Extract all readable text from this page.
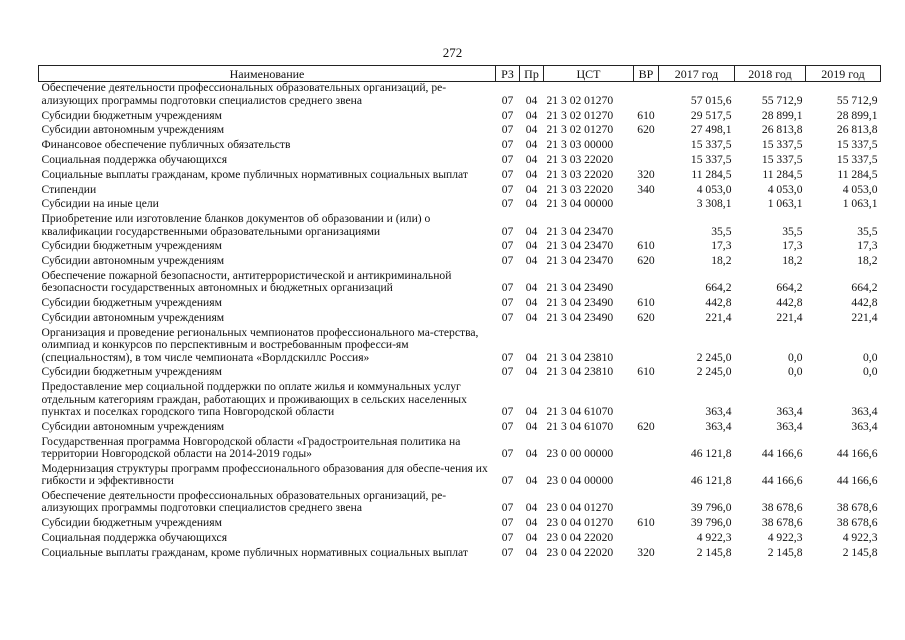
272
Наименование	РЗ	Пр	ЦСТ	ВР	2017 год	2018 год	2019 год
Обеспечение деятельности профессиональных образовательных организаций, ре-ализующих программы подготовки специалистов среднего звена	07	04	21 3 02 01270		57 015,6	55 712,9	55 712,9
Субсидии бюджетным учреждениям	07	04	21 3 02 01270	610	29 517,5	28 899,1	28 899,1
Субсидии автономным учреждениям	07	04	21 3 02 01270	620	27 498,1	26 813,8	26 813,8
Финансовое обеспечение публичных обязательств	07	04	21 3 03 00000		15 337,5	15 337,5	15 337,5
Социальная поддержка обучающихся	07	04	21 3 03 22020		15 337,5	15 337,5	15 337,5
Социальные выплаты гражданам, кроме публичных нормативных социальных выплат	07	04	21 3 03 22020	320	11 284,5	11 284,5	11 284,5
Стипендии	07	04	21 3 03 22020	340	4 053,0	4 053,0	4 053,0
Субсидии на иные цели	07	04	21 3 04 00000		3 308,1	1 063,1	1 063,1
Приобретение или изготовление бланков документов об образовании и (или) о квалификации государственными образовательными организациями	07	04	21 3 04 23470		35,5	35,5	35,5
Субсидии бюджетным учреждениям	07	04	21 3 04 23470	610	17,3	17,3	17,3
Субсидии автономным учреждениям	07	04	21 3 04 23470	620	18,2	18,2	18,2
Обеспечение пожарной безопасности, антитеррористической и антикриминальной безопасности государственных автономных и бюджетных организаций	07	04	21 3 04 23490		664,2	664,2	664,2
Субсидии бюджетным учреждениям	07	04	21 3 04 23490	610	442,8	442,8	442,8
Субсидии автономным учреждениям	07	04	21 3 04 23490	620	221,4	221,4	221,4
Организация и проведение региональных чемпионатов профессионального ма-стерства, олимпиад и конкурсов по перспективным и востребованным професси-ям (специальностям), в том числе чемпионата «Ворлдскиллс Россия»	07	04	21 3 04 23810		2 245,0	0,0	0,0
Субсидии бюджетным учреждениям	07	04	21 3 04 23810	610	2 245,0	0,0	0,0
Предоставление мер социальной поддержки по оплате жилья и коммунальных услуг отдельным категориям граждан, работающих и проживающих в сельских населенных пунктах и поселках городского типа Новгородской области	07	04	21 3 04 61070		363,4	363,4	363,4
Субсидии автономным учреждениям	07	04	21 3 04 61070	620	363,4	363,4	363,4
Государственная программа Новгородской области «Градостроительная политика на территории Новгородской области на 2014-2019 годы»	07	04	23 0 00 00000		46 121,8	44 166,6	44 166,6
Модернизация структуры программ профессионального образования для обеспе-чения их гибкости и эффективности	07	04	23 0 04 00000		46 121,8	44 166,6	44 166,6
Обеспечение деятельности профессиональных образовательных организаций, ре-ализующих программы подготовки специалистов среднего звена	07	04	23 0 04 01270		39 796,0	38 678,6	38 678,6
Субсидии бюджетным учреждениям	07	04	23 0 04 01270	610	39 796,0	38 678,6	38 678,6
Социальная поддержка обучающихся	07	04	23 0 04 22020		4 922,3	4 922,3	4 922,3
Социальные выплаты гражданам, кроме публичных нормативных социальных выплат	07	04	23 0 04 22020	320	2 145,8	2 145,8	2 145,8
